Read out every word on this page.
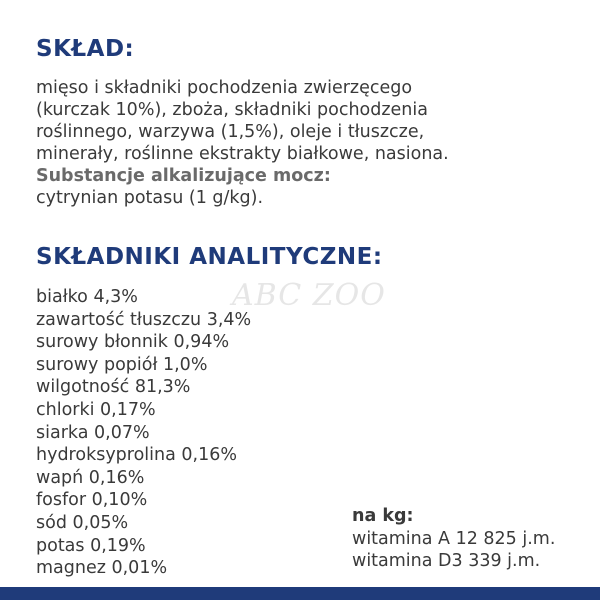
SKŁAD:
mięso i składniki pochodzenia zwierzęcego
(kurczak 10%), zboża, składniki pochodzenia
roślinnego, warzywa (1,5%), oleje i tłuszcze,
minerały, roślinne ekstrakty białkowe, nasiona.
Substancje alkalizujące mocz:
cytrynian potasu (1 g/kg).
SKŁADNIKI ANALITYCZNE:
ABC ZOO
białko 4,3%
zawartość tłuszczu 3,4%
surowy błonnik 0,94%
surowy popiół 1,0%
wilgotność 81,3%
chlorki 0,17%
siarka 0,07%
hydroksyprolina 0,16%
wapń 0,16%
fosfor 0,10%
sód 0,05%
potas 0,19%
magnez 0,01%
na kg:
witamina A 12 825 j.m.
witamina D3 339 j.m.
